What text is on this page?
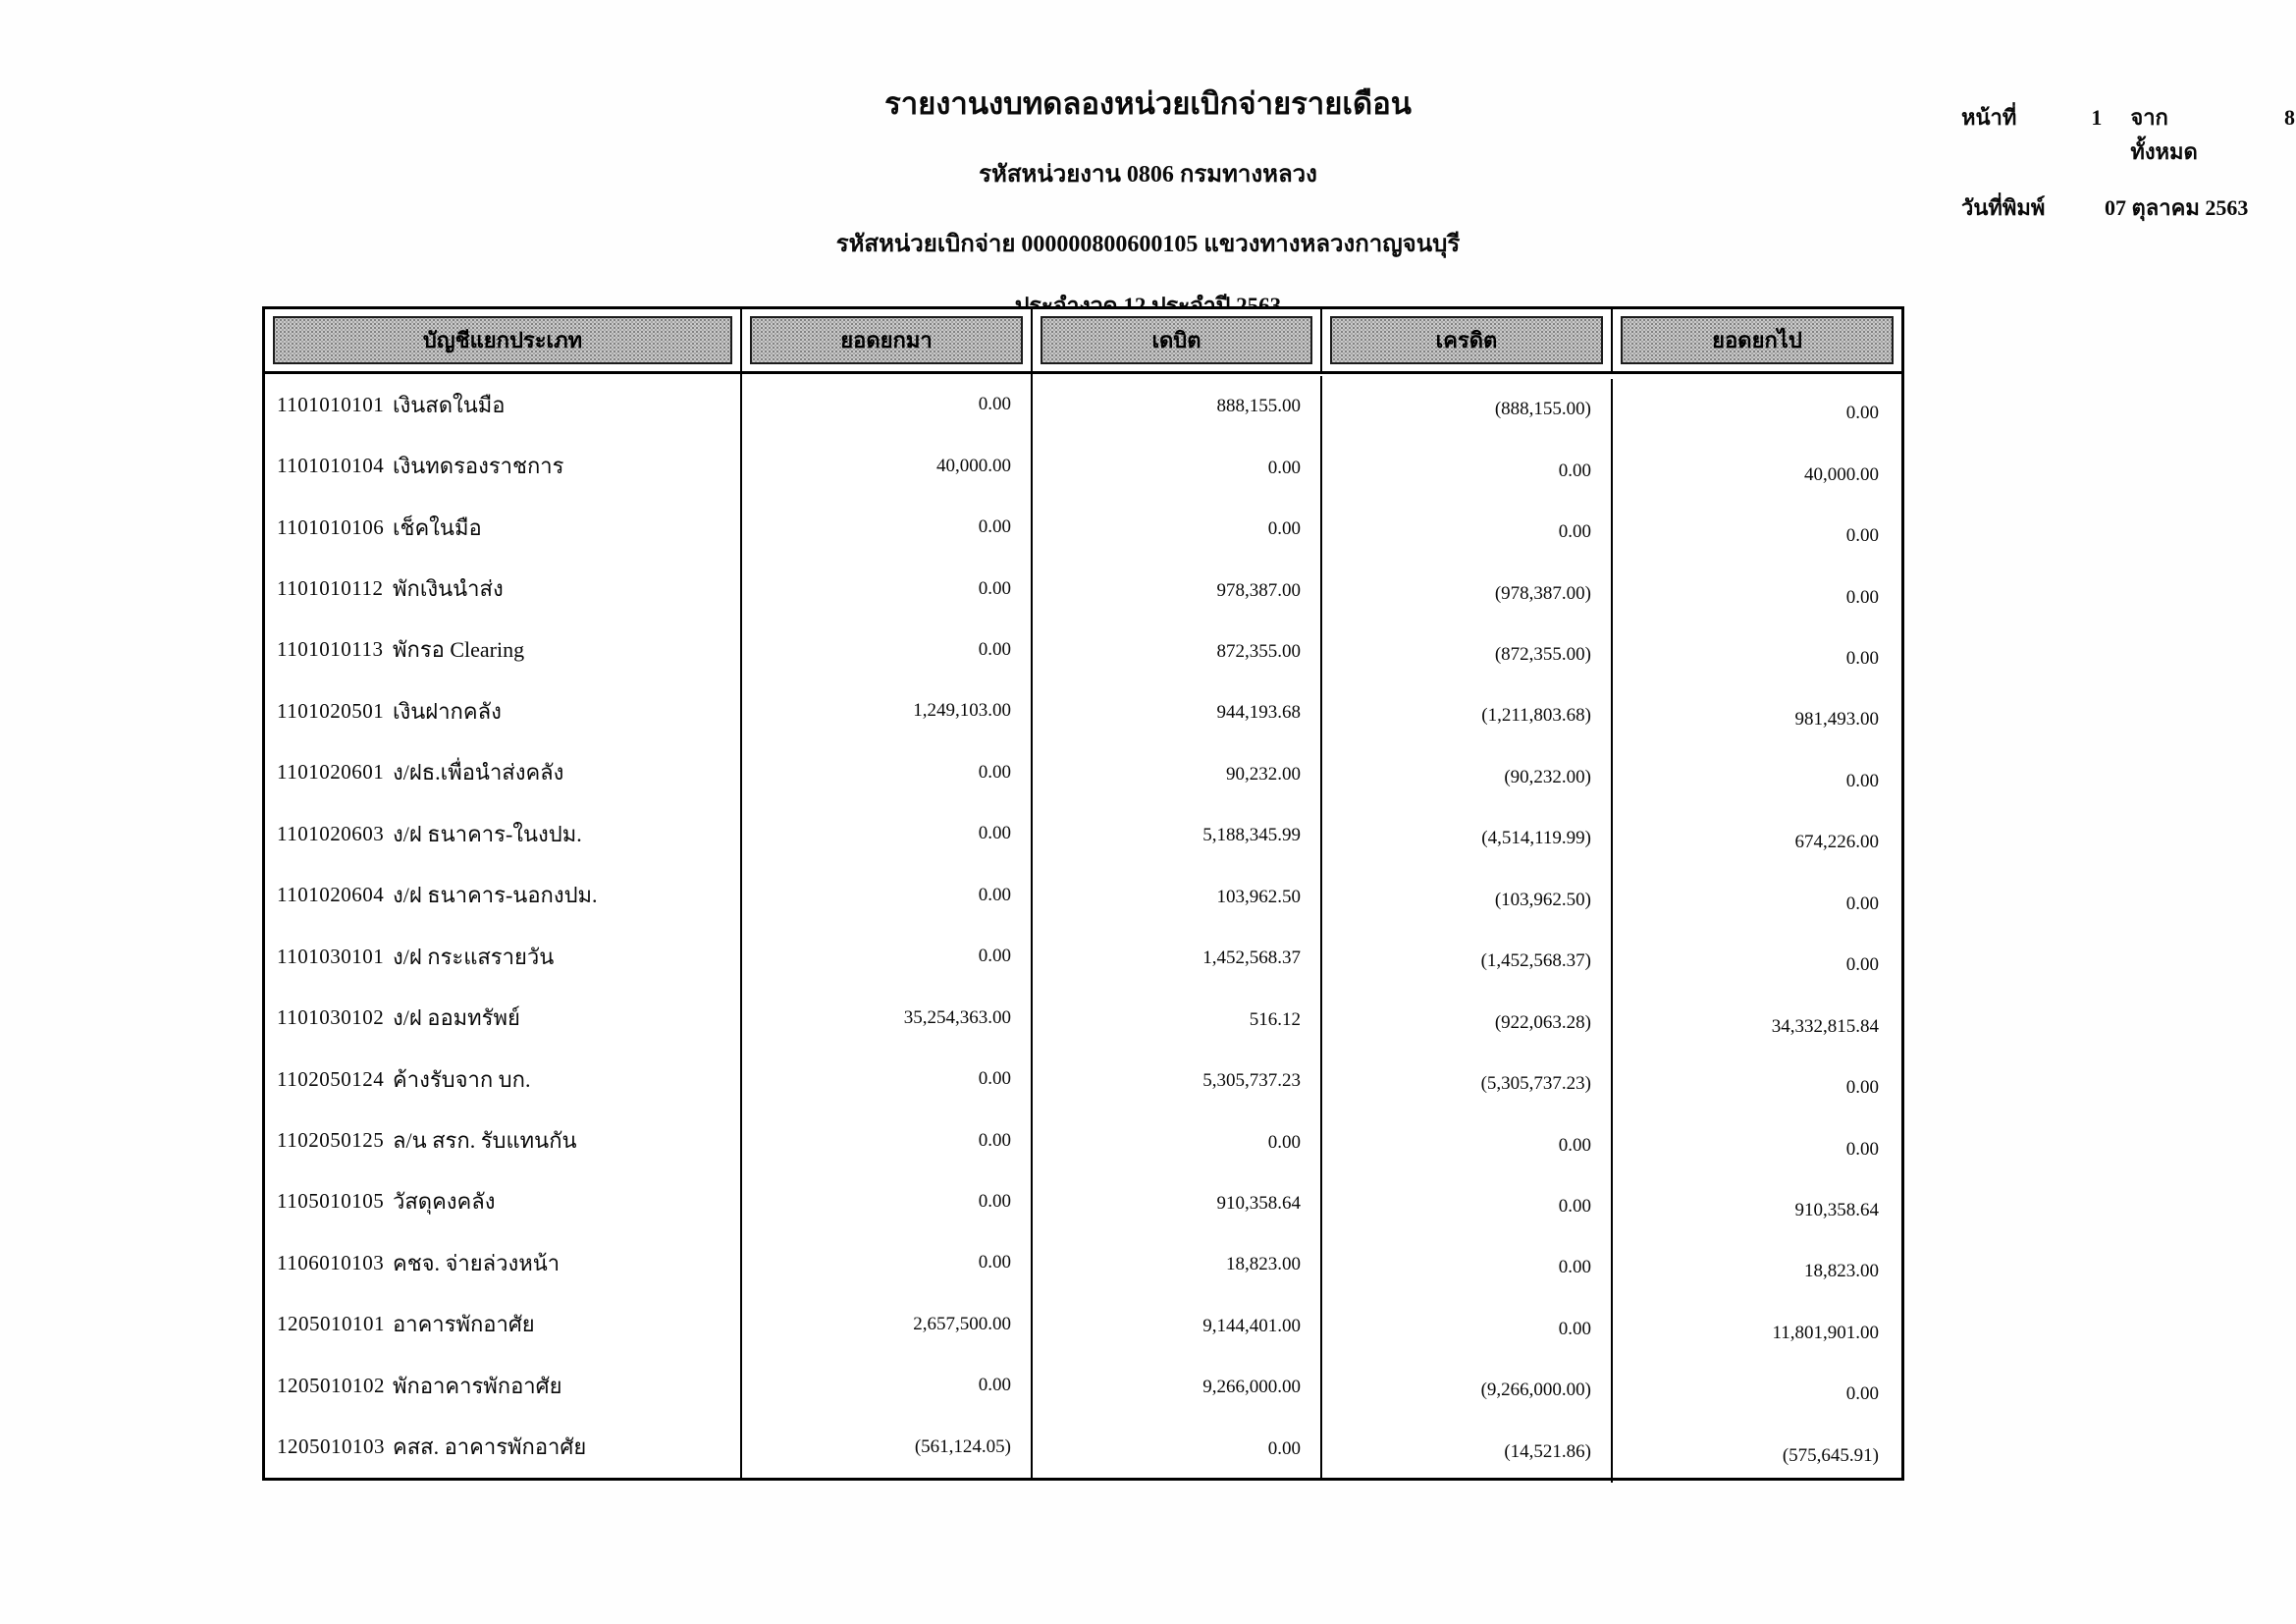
รายงานงบทดลองหน่วยเบิกจ่ายรายเดือน
รหัสหน่วยงาน 0806 กรมทางหลวง
รหัสหน่วยเบิกจ่าย 000000800600105 แขวงทางหลวงกาญจนบุรี
หน้าที่	1	จากทั้งหมด
8
วันที่พิมพ์	07 ตุลาคม 2563
บัญชีแยกประเภท	ยอดยกมา	เดบิต	เครดิต	ยอดยกไป
1101010101 เงินสดในมือ	0.00	888,155.00	(888,155.00)	0.00
1101010104 เงินทดรองราชการ	40,000.00	0.00	0.00	40,000.00
1101010106 เช็คในมือ	0.00	0.00	0.00	0.00
1101010112 พักเงินนำส่ง	0.00	978,387.00	(978,387.00)	0.00
1101010113 พักรอ Clearing	0.00	872,355.00	(872,355.00)	0.00
1101020501 เงินฝากคลัง	1,249,103.00	944,193.68	(1,211,803.68)	981,493.00
1101020601 ง/ฝธ.เพื่อนำส่งคลัง	0.00	90,232.00	(90,232.00)	0.00
1101020603 ง/ฝ ธนาคาร-ในงปม.	0.00	5,188,345.99	(4,514,119.99)	674,226.00
1101020604 ง/ฝ ธนาคาร-นอกงปม.	0.00	103,962.50	(103,962.50)	0.00
1101030101 ง/ฝ กระแสรายวัน	0.00	1,452,568.37	(1,452,568.37)	0.00
1101030102 ง/ฝ ออมทรัพย์	35,254,363.00	516.12	(922,063.28)	34,332,815.84
1102050124 ค้างรับจาก บก.	0.00	5,305,737.23	(5,305,737.23)	0.00
1102050125 ล/น สรก. รับแทนกัน	0.00	0.00	0.00	0.00
1105010105 วัสดุคงคลัง	0.00	910,358.64	0.00	910,358.64
1106010103 คชจ. จ่ายล่วงหน้า	0.00	18,823.00	0.00	18,823.00
1205010101 อาคารพักอาศัย	2,657,500.00	9,144,401.00	0.00	11,801,901.00
1205010102 พักอาคารพักอาศัย	0.00	9,266,000.00	(9,266,000.00)	0.00
1205010103 คสส. อาคารพักอาศัย	(561,124.05)	0.00	(14,521.86)	(575,645.91)
